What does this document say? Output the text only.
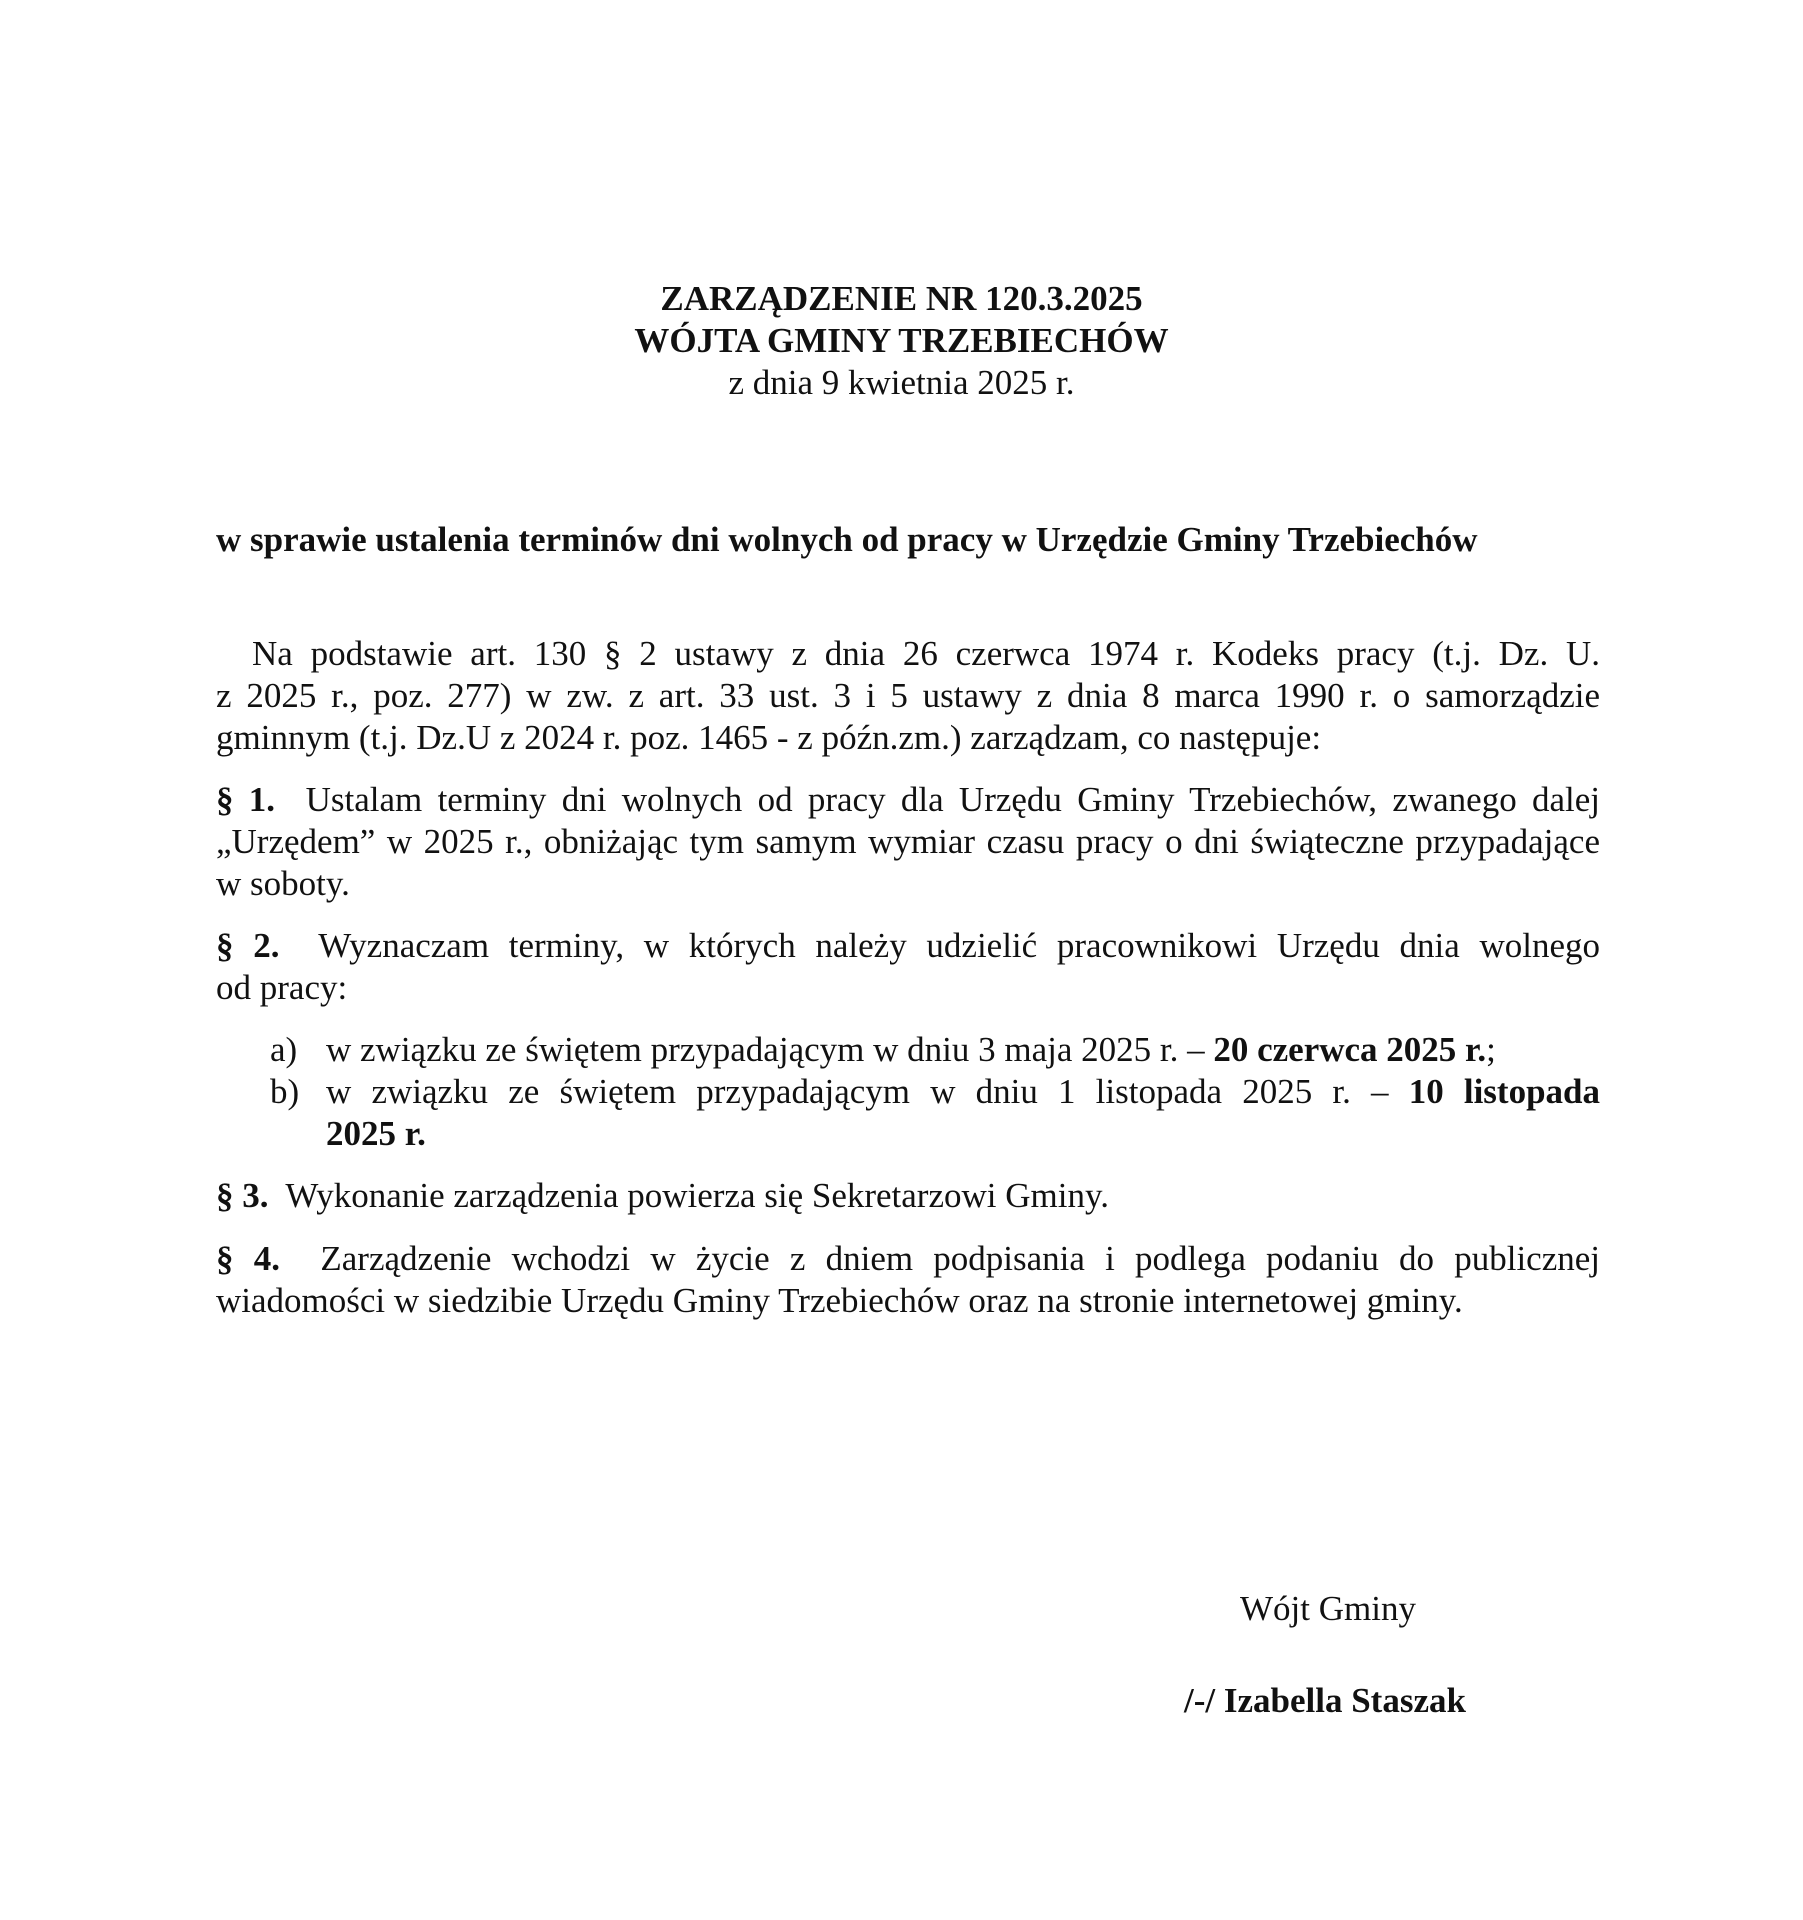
ZARZĄDZENIE NR 120.3.2025
WÓJTA GMINY TRZEBIECHÓW
z dnia 9 kwietnia 2025 r.
w sprawie ustalenia terminów dni wolnych od pracy w Urzędzie Gminy Trzebiechów
Na podstawie art. 130 § 2 ustawy z dnia 26 czerwca 1974 r. Kodeks pracy (t.j. Dz. U.
z 2025 r., poz. 277) w zw. z art. 33 ust. 3 i 5 ustawy z dnia 8 marca 1990 r. o samorządzie
gminnym (t.j. Dz.U z 2024 r. poz. 1465 - z późn.zm.) zarządzam, co następuje:
§ 1. Ustalam terminy dni wolnych od pracy dla Urzędu Gminy Trzebiechów, zwanego dalej
„Urzędem” w 2025 r., obniżając tym samym wymiar czasu pracy o dni świąteczne przypadające
w soboty.
§ 2. Wyznaczam terminy, w których należy udzielić pracownikowi Urzędu dnia wolnego
od pracy:
a) w związku ze świętem przypadającym w dniu 3 maja 2025 r. – 20 czerwca 2025 r.;
b) w związku ze świętem przypadającym w dniu 1 listopada 2025 r. – 10 listopada
2025 r.
§ 3. Wykonanie zarządzenia powierza się Sekretarzowi Gminy.
§ 4. Zarządzenie wchodzi w życie z dniem podpisania i podlega podaniu do publicznej
wiadomości w siedzibie Urzędu Gminy Trzebiechów oraz na stronie internetowej gminy.
Wójt Gminy
/-/ Izabella Staszak
